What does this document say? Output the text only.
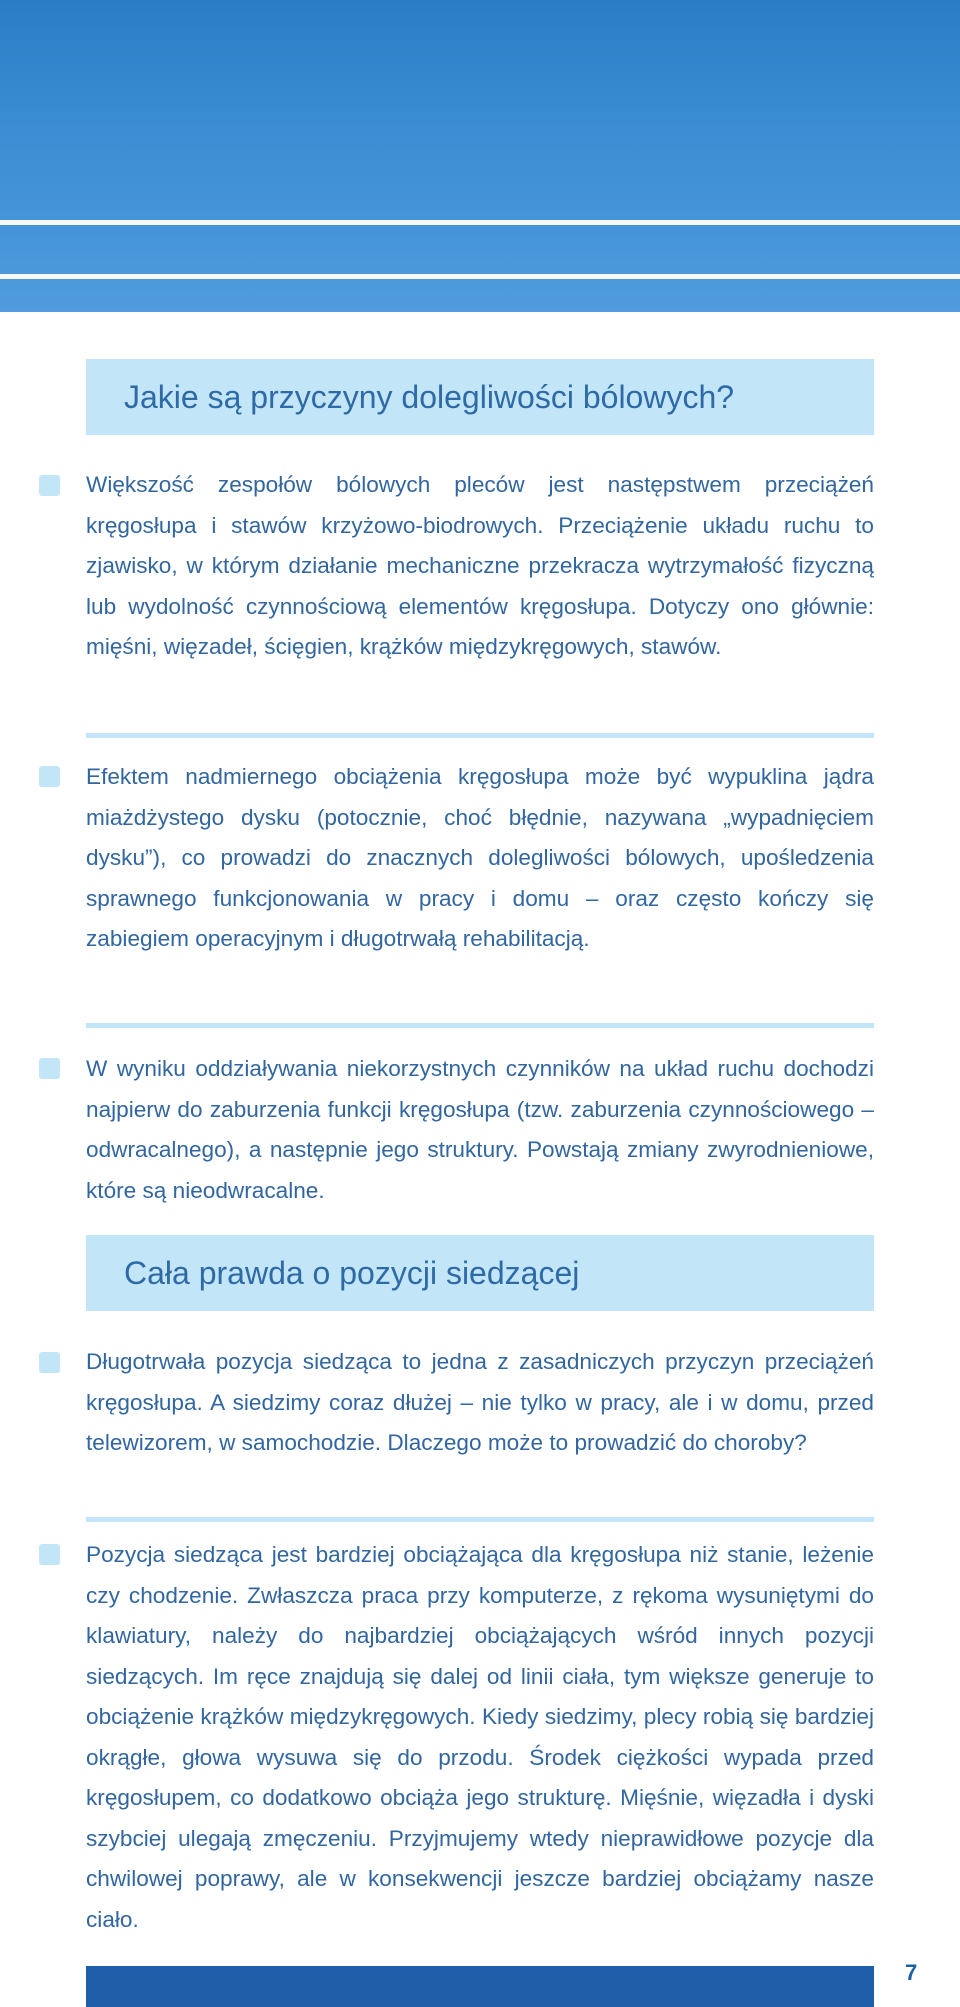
Jakie są przyczyny dolegliwości bólowych?

Większość zespołów bólowych pleców jest następstwem przeciążeń kręgosłupa i stawów krzyżowo-biodrowych. Przeciążenie układu ruchu to zjawisko, w którym działanie mechaniczne przekracza wytrzymałość fizyczną lub wydolność czynnościową elementów kręgosłupa. Dotyczy ono głównie: mięśni, więzadeł, ścięgien, krążków międzykręgowych, stawów.

Efektem nadmiernego obciążenia kręgosłupa może być wypuklina jądra miażdżystego dysku (potocznie, choć błędnie, nazywana „wypadnięciem dysku”), co prowadzi do znacznych dolegliwości bólowych, upośledzenia sprawnego funkcjonowania w pracy i domu – oraz często kończy się zabiegiem operacyjnym i długotrwałą rehabilitacją.

W wyniku oddziaływania niekorzystnych czynników na układ ruchu dochodzi najpierw do zaburzenia funkcji kręgosłupa (tzw. zaburzenia czynnościowego – odwracalnego), a następnie jego struktury. Powstają zmiany zwyrodnieniowe, które są nieodwracalne.

Cała prawda o pozycji siedzącej

Długotrwała pozycja siedząca to jedna z zasadniczych przyczyn przeciążeń kręgosłupa. A siedzimy coraz dłużej – nie tylko w pracy, ale i w domu, przed telewizorem, w samochodzie. Dlaczego może to prowadzić do choroby?

Pozycja siedząca jest bardziej obciążająca dla kręgosłupa niż stanie, leżenie czy chodzenie. Zwłaszcza praca przy komputerze, z rękoma wysuniętymi do klawiatury, należy do najbardziej obciążających wśród innych pozycji siedzących. Im ręce znajdują się dalej od linii ciała, tym większe generuje to obciążenie krążków międzykręgowych. Kiedy siedzimy, plecy robią się bardziej okrągłe, głowa wysuwa się do przodu. Środek ciężkości wypada przed kręgosłupem, co dodatkowo obciąża jego strukturę. Mięśnie, więzadła i dyski szybciej ulegają zmęczeniu. Przyjmujemy wtedy nieprawidłowe pozycje dla chwilowej poprawy, ale w konsekwencji jeszcze bardziej obciążamy nasze ciało.

7
